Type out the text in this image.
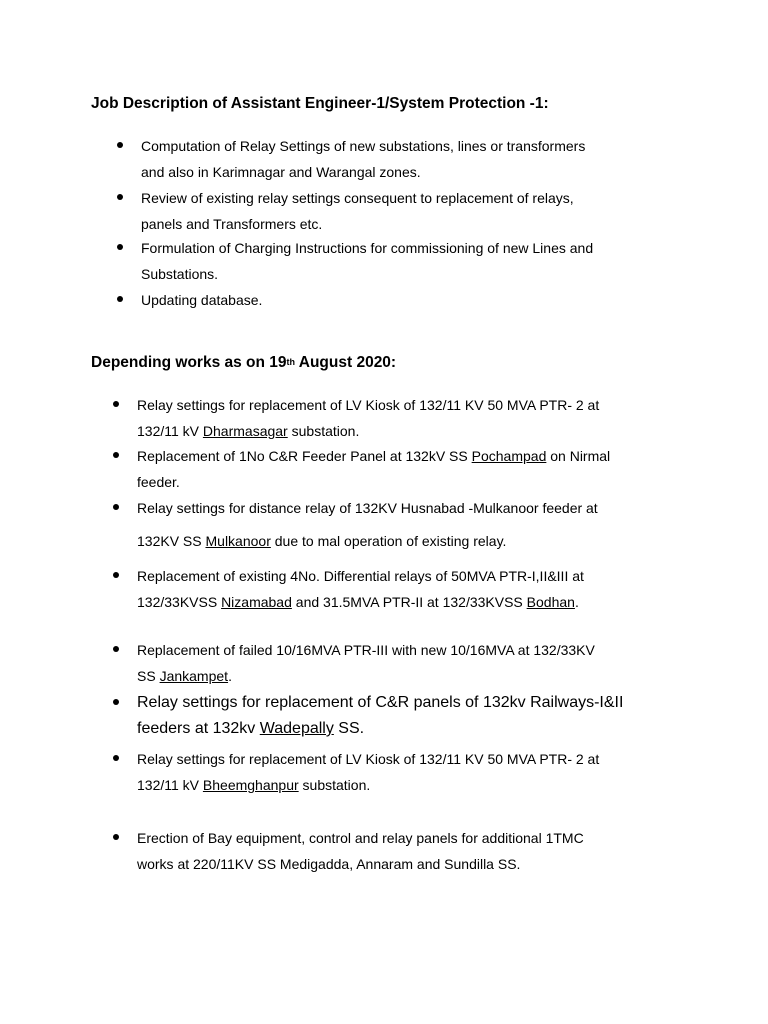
Job Description of Assistant Engineer-1/System Protection -1:
Computation of Relay Settings of new substations, lines or transformers
and also in Karimnagar and Warangal zones.
Review of existing relay settings consequent to replacement of relays,
panels and Transformers etc.
Formulation of Charging Instructions for commissioning of new Lines and
Substations.
Updating database.
Depending works as on 19th August 2020:
Relay settings for replacement of LV Kiosk of 132/11 KV 50 MVA PTR- 2 at
132/11 kV Dharmasagar substation.
Replacement of 1No C&R Feeder Panel at 132kV SS Pochampad on Nirmal
feeder.
Relay settings for distance relay of 132KV Husnabad -Mulkanoor feeder at
132KV SS Mulkanoor due to mal operation of existing relay.
Replacement of existing 4No. Differential relays of 50MVA PTR-I,II&III at
132/33KVSS Nizamabad and 31.5MVA PTR-II at 132/33KVSS Bodhan.
Replacement of failed 10/16MVA PTR-III with new 10/16MVA at 132/33KV
SS Jankampet.
Relay settings for replacement of C&R panels of 132kv Railways-I&II
feeders at 132kv Wadepally SS.
Relay settings for replacement of LV Kiosk of 132/11 KV 50 MVA PTR- 2 at
132/11 kV Bheemghanpur substation.
Erection of Bay equipment, control and relay panels for additional 1TMC
works at 220/11KV SS Medigadda, Annaram and Sundilla SS.
